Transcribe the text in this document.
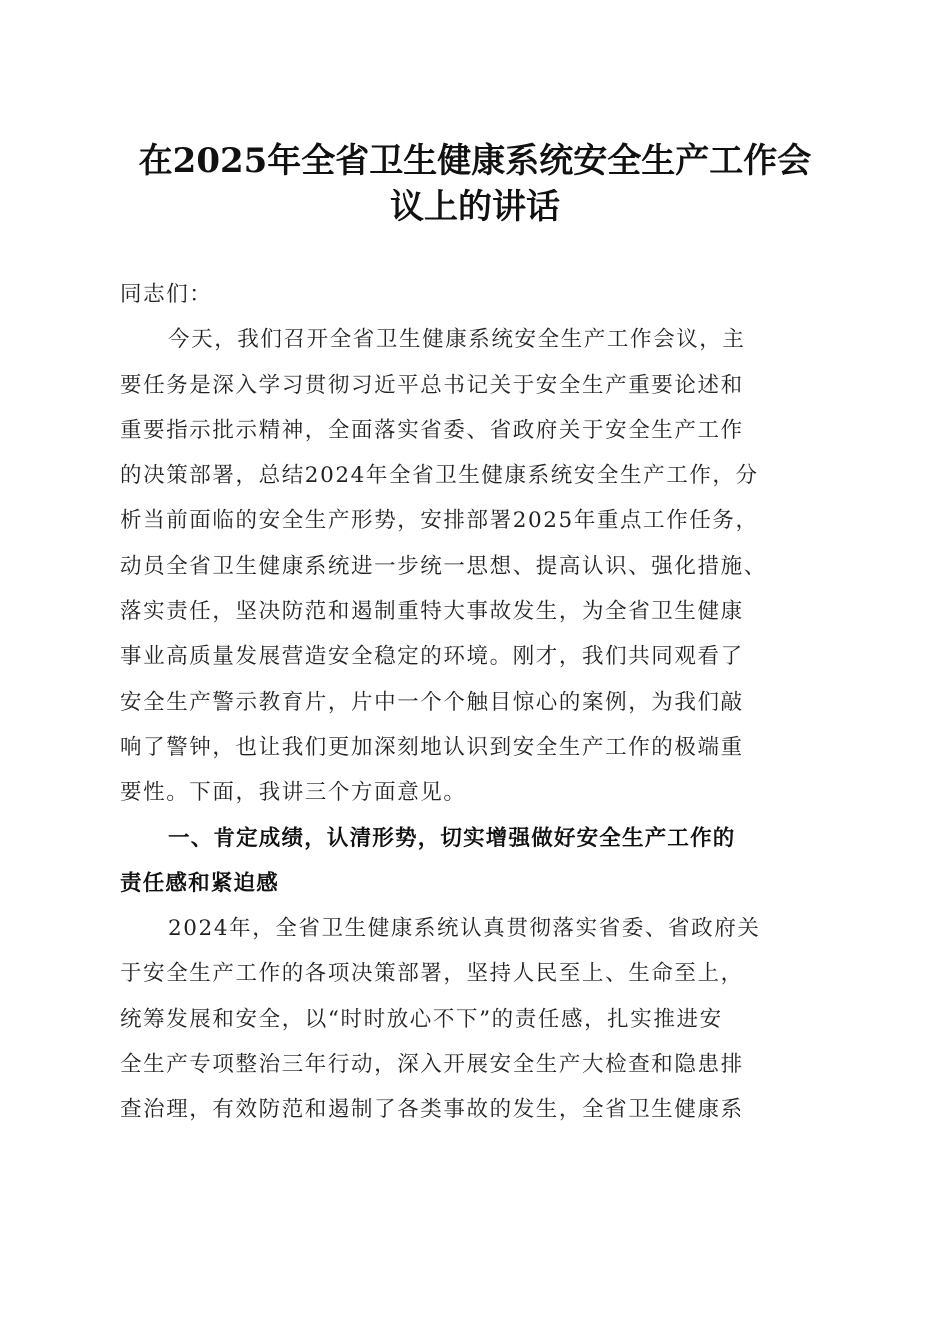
在2025年全省卫生健康系统安全生产工作会
议上的讲话
同志们：
今天，我们召开全省卫生健康系统安全生产工作会议，主
要任务是深入学习贯彻习近平总书记关于安全生产重要论述和
重要指示批示精神，全面落实省委、省政府关于安全生产工作
的决策部署，总结2024年全省卫生健康系统安全生产工作，分
析当前面临的安全生产形势，安排部署2025年重点工作任务，
动员全省卫生健康系统进一步统一思想、提高认识、强化措施、
落实责任，坚决防范和遏制重特大事故发生，为全省卫生健康
事业高质量发展营造安全稳定的环境。刚才，我们共同观看了
安全生产警示教育片，片中一个个触目惊心的案例，为我们敲
响了警钟，也让我们更加深刻地认识到安全生产工作的极端重
要性。下面，我讲三个方面意见。
一、肯定成绩，认清形势，切实增强做好安全生产工作的
责任感和紧迫感
2024年，全省卫生健康系统认真贯彻落实省委、省政府关
于安全生产工作的各项决策部署，坚持人民至上、生命至上，
统筹发展和安全，以“时时放心不下”的责任感，扎实推进安
全生产专项整治三年行动，深入开展安全生产大检查和隐患排
查治理，有效防范和遏制了各类事故的发生，全省卫生健康系
